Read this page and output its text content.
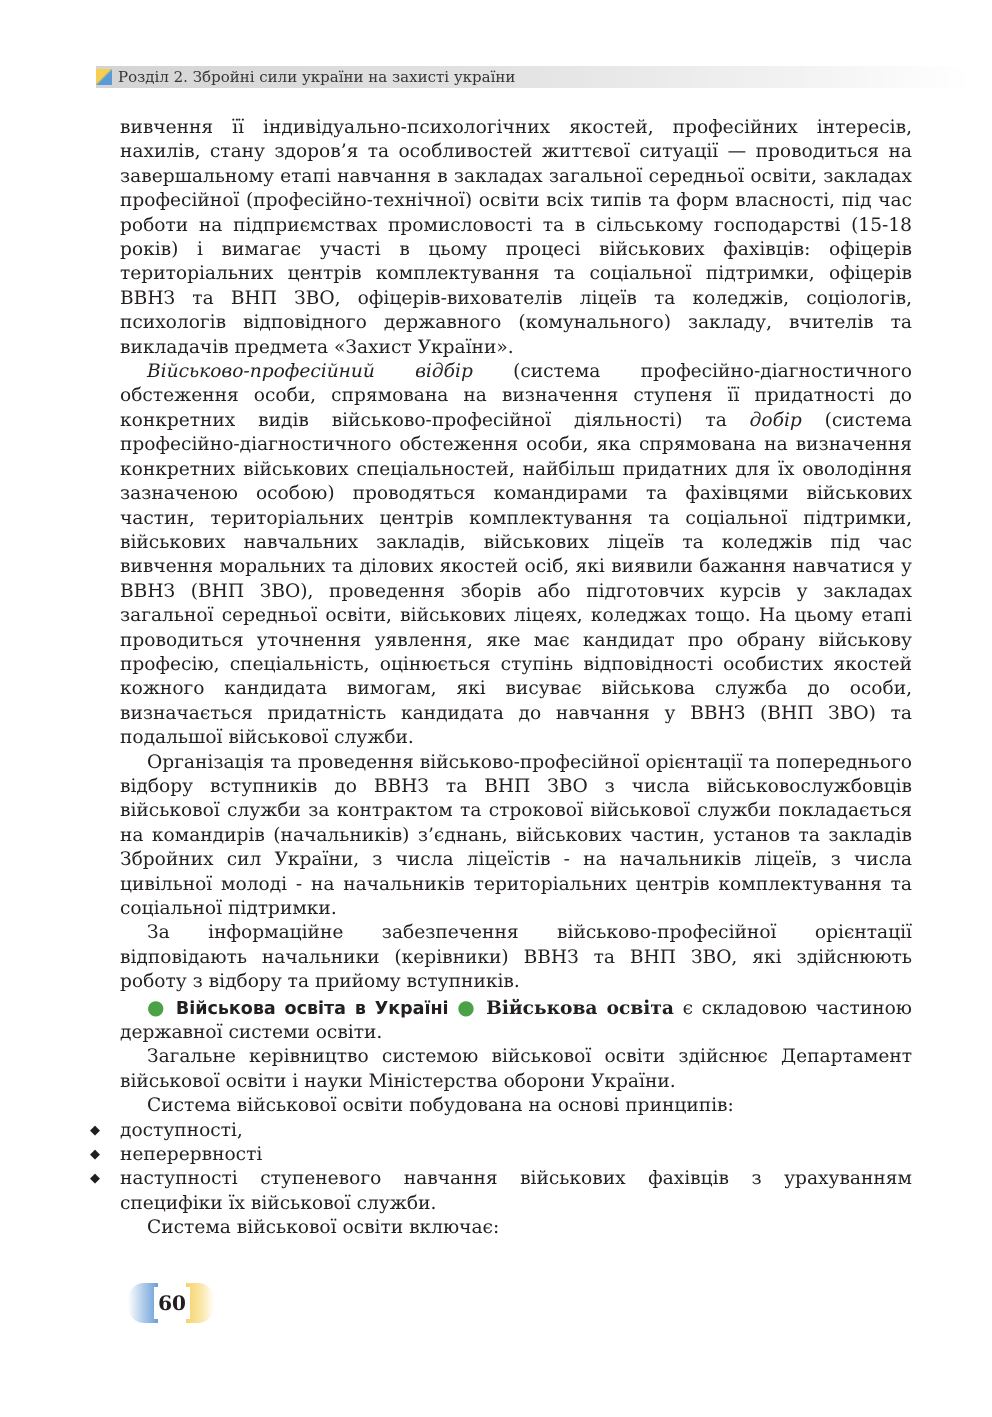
Розділ 2. Збройні сили україни на захисті україни

вивчення її індивідуально-психологічних якостей, професійних інтересів, нахилів, стану здоров’я та особливостей життєвої ситуації — проводиться на завершальному етапі навчання в закладах загальної середньої освіти, закладах професійної (професійно-технічної) освіти всіх типів та форм власності, під час роботи на підприємствах промисловості та в сільському господарстві (15-18 років) і вимагає участі в цьому процесі військових фахівців: офіцерів територіальних центрів комплектування та соціальної підтримки, офіцерів ВВНЗ та ВНП ЗВО, офіцерів-вихователів ліцеїв та коледжів, соціологів, психологів відповідного державного (комунального) закладу, вчителів та викладачів предмета «Захист України».

Військово-професійний відбір (система професійно-діагностичного обстеження особи, спрямована на визначення ступеня її придатності до конкретних видів військово-професійної діяльності) та добір (система професійно-діагностичного обстеження особи, яка спрямована на визначення конкретних військових спеціальностей, найбільш придатних для їх оволодіння зазначеною особою) проводяться командирами та фахівцями військових частин, територіальних центрів комплектування та соціальної підтримки, військових навчальних закладів, військових ліцеїв та коледжів під час вивчення моральних та ділових якостей осіб, які виявили бажання навчатися у ВВНЗ (ВНП ЗВО), проведення зборів або підготовчих курсів у закладах загальної середньої освіти, військових ліцеях, коледжах тощо. На цьому етапі проводиться уточнення уявлення, яке має кандидат про обрану військову професію, спеціальність, оцінюється ступінь відповідності особистих якостей кожного кандидата вимогам, які висуває військова служба до особи, визначається придатність кандидата до навчання у ВВНЗ (ВНП ЗВО) та подальшої військової служби.

Організація та проведення військово-професійної орієнтації та попереднього відбору вступників до ВВНЗ та ВНП ЗВО з числа військовослужбовців військової служби за контрактом та строкової військової служби покладається на командирів (начальників) з’єднань, військових частин, установ та закладів Збройних сил України, з числа ліцеїстів - на начальників ліцеїв, з числа цивільної молоді - на начальників територіальних центрів комплектування та соціальної підтримки.

За інформаційне забезпечення військово-професійної орієнтації відповідають начальники (керівники) ВВНЗ та ВНП ЗВО, які здійснюють роботу з відбору та прийому вступників.

● Військова освіта в Україні ● Військова освіта є складовою частиною державної системи освіти.

Загальне керівництво системою військової освіти здійснює Департамент військової освіти і науки Міністерства оборони України.

Система військової освіти побудована на основі принципів:

◆ доступності,
◆ неперервності
◆ наступності ступеневого навчання військових фахівців з урахуванням специфіки їх військової служби.

Система військової освіти включає:

60
